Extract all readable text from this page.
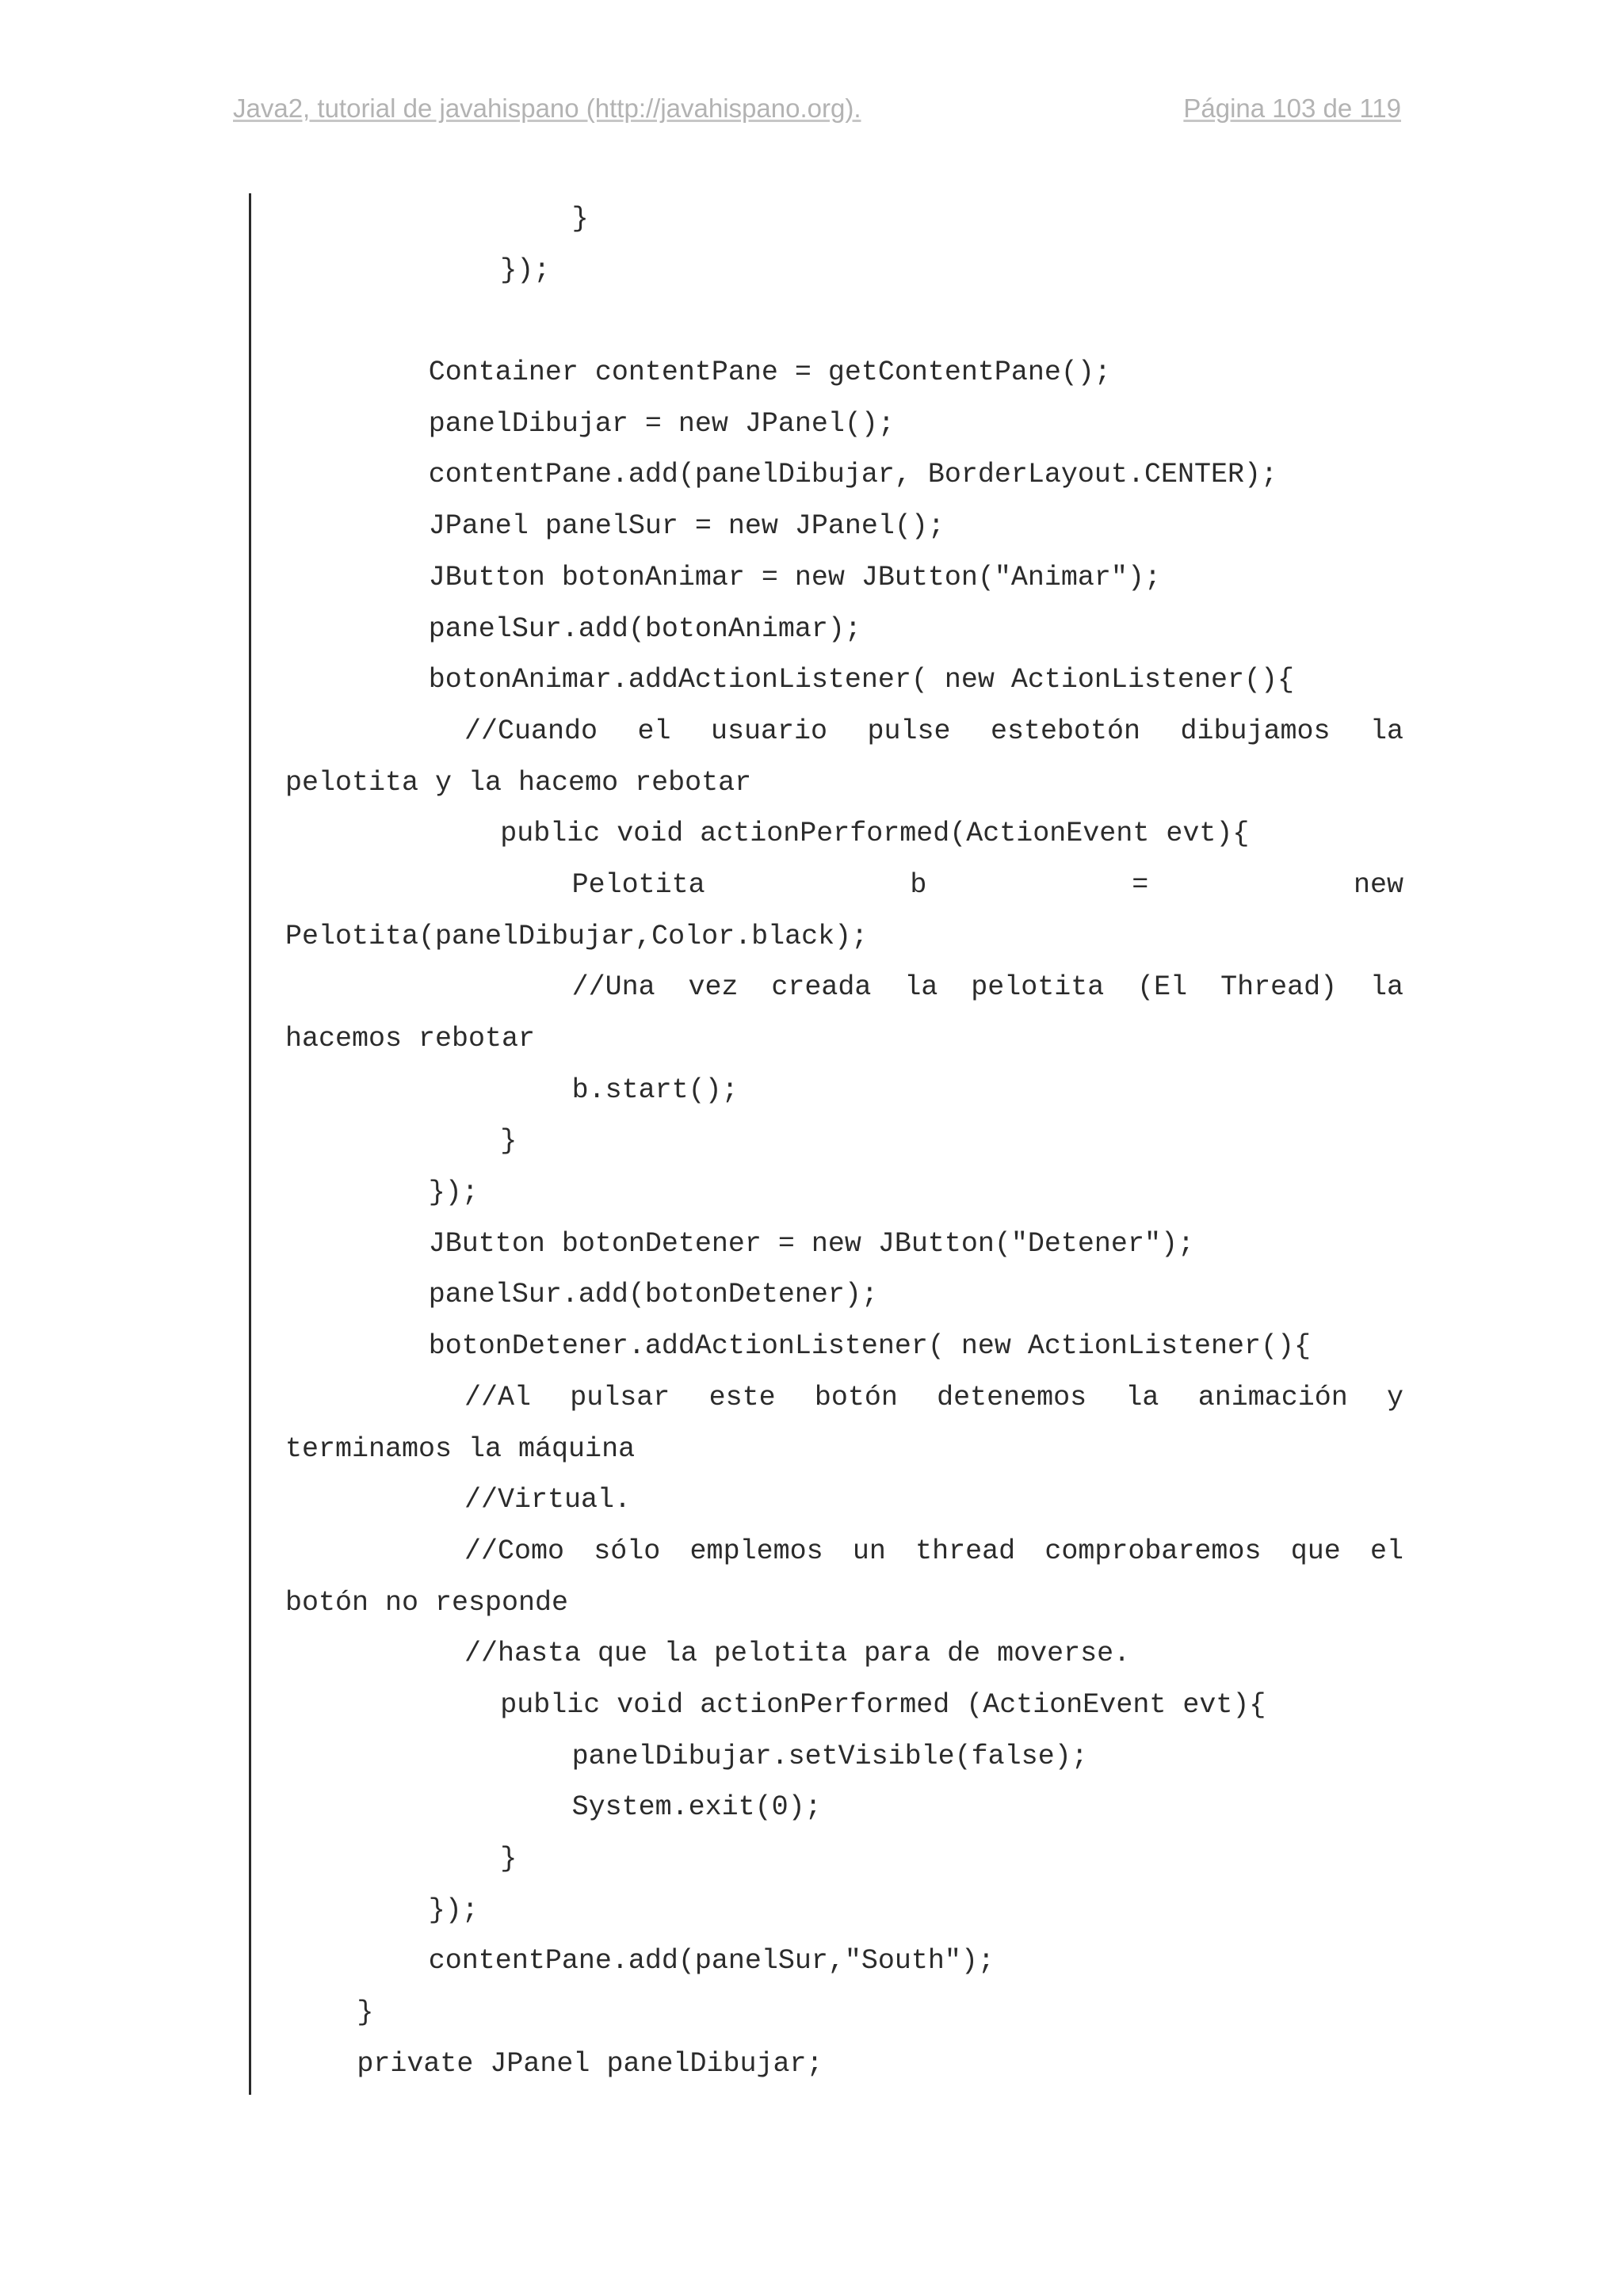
Java2, tutorial de javahispano (http://javahispano.org).	Página 103 de 119
}
});
Container contentPane = getContentPane();
panelDibujar = new JPanel();
contentPane.add(panelDibujar, BorderLayout.CENTER);
JPanel panelSur = new JPanel();
JButton botonAnimar = new JButton("Animar");
panelSur.add(botonAnimar);
botonAnimar.addActionListener( new ActionListener(){
//Cuando el usuario pulse estebotón dibujamos la
pelotita y la hacemo rebotar
public void actionPerformed(ActionEvent evt){
Pelotita b = new
Pelotita(panelDibujar,Color.black);
//Una vez creada la pelotita (El Thread) la
hacemos rebotar
b.start();
}
});
JButton botonDetener = new JButton("Detener");
panelSur.add(botonDetener);
botonDetener.addActionListener( new ActionListener(){
//Al pulsar este botón detenemos la animación y
terminamos la máquina
//Virtual.
//Como sólo emplemos un thread comprobaremos que el
botón no responde
//hasta que la pelotita para de moverse.
public void actionPerformed (ActionEvent evt){
panelDibujar.setVisible(false);
System.exit(0);
}
});
contentPane.add(panelSur,"South");
}
private JPanel panelDibujar;
